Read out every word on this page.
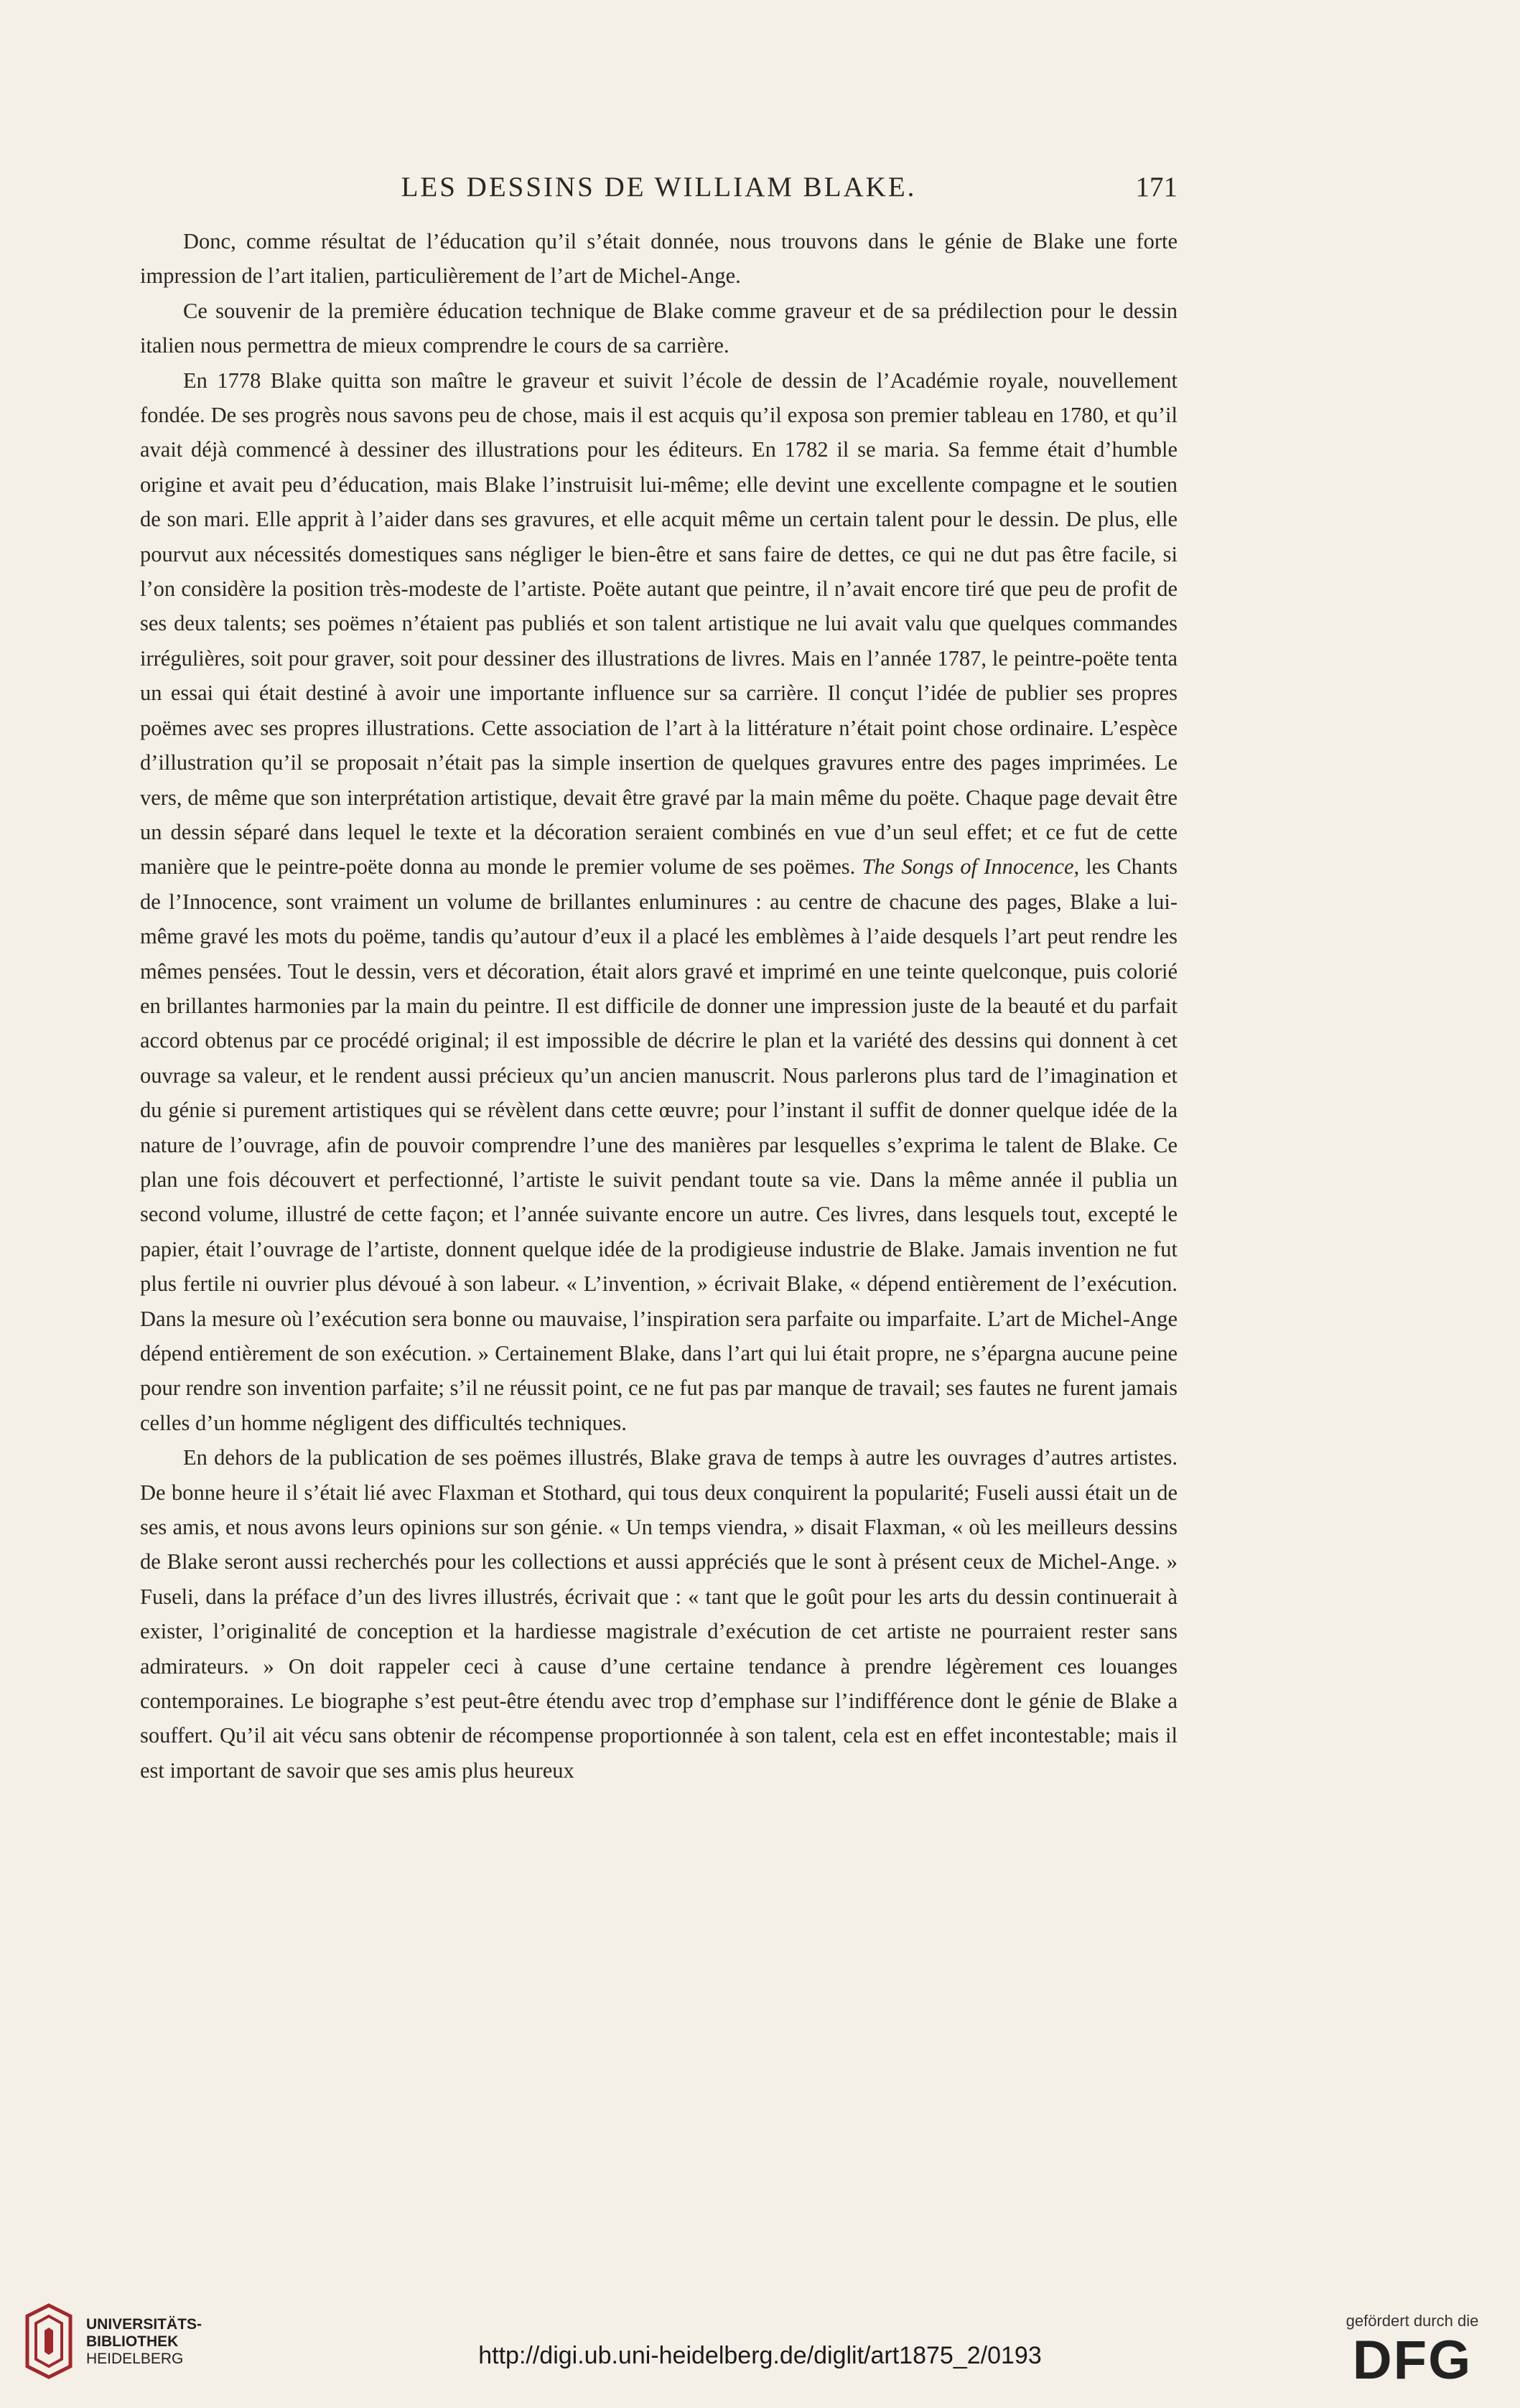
LES DESSINS DE WILLIAM BLAKE.	171

Donc, comme résultat de l’éducation qu’il s’était donnée, nous trouvons dans le génie de Blake une forte impression de l’art italien, particulièrement de l’art de Michel-Ange.

Ce souvenir de la première éducation technique de Blake comme graveur et de sa prédilection pour le dessin italien nous permettra de mieux comprendre le cours de sa carrière.

En 1778 Blake quitta son maître le graveur et suivit l’école de dessin de l’Académie royale, nouvellement fondée. De ses progrès nous savons peu de chose, mais il est acquis qu’il exposa son premier tableau en 1780, et qu’il avait déjà commencé à dessiner des illustrations pour les éditeurs. En 1782 il se maria. Sa femme était d’humble origine et avait peu d’éducation, mais Blake l’instruisit lui-même; elle devint une excellente compagne et le soutien de son mari. Elle apprit à l’aider dans ses gravures, et elle acquit même un certain talent pour le dessin. De plus, elle pourvut aux nécessités domestiques sans négliger le bien-être et sans faire de dettes, ce qui ne dut pas être facile, si l’on considère la position très-modeste de l’artiste. Poëte autant que peintre, il n’avait encore tiré que peu de profit de ses deux talents; ses poëmes n’étaient pas publiés et son talent artistique ne lui avait valu que quelques commandes irrégulières, soit pour graver, soit pour dessiner des illustrations de livres. Mais en l’année 1787, le peintre-poëte tenta un essai qui était destiné à avoir une importante influence sur sa carrière. Il conçut l’idée de publier ses propres poëmes avec ses propres illustrations. Cette association de l’art à la littérature n’était point chose ordinaire. L’espèce d’illustration qu’il se proposait n’était pas la simple insertion de quelques gravures entre des pages imprimées. Le vers, de même que son interprétation artistique, devait être gravé par la main même du poëte. Chaque page devait être un dessin séparé dans lequel le texte et la décoration seraient combinés en vue d’un seul effet; et ce fut de cette manière que le peintre-poëte donna au monde le premier volume de ses poëmes. The Songs of Innocence, les Chants de l’Innocence, sont vraiment un volume de brillantes enluminures : au centre de chacune des pages, Blake a lui-même gravé les mots du poëme, tandis qu’autour d’eux il a placé les emblèmes à l’aide desquels l’art peut rendre les mêmes pensées. Tout le dessin, vers et décoration, était alors gravé et imprimé en une teinte quelconque, puis colorié en brillantes harmonies par la main du peintre. Il est difficile de donner une impression juste de la beauté et du parfait accord obtenus par ce procédé original; il est impossible de décrire le plan et la variété des dessins qui donnent à cet ouvrage sa valeur, et le rendent aussi précieux qu’un ancien manuscrit. Nous parlerons plus tard de l’imagination et du génie si purement artistiques qui se révèlent dans cette œuvre; pour l’instant il suffit de donner quelque idée de la nature de l’ouvrage, afin de pouvoir comprendre l’une des manières par lesquelles s’exprima le talent de Blake. Ce plan une fois découvert et perfectionné, l’artiste le suivit pendant toute sa vie. Dans la même année il publia un second volume, illustré de cette façon; et l’année suivante encore un autre. Ces livres, dans lesquels tout, excepté le papier, était l’ouvrage de l’artiste, donnent quelque idée de la prodigieuse industrie de Blake. Jamais invention ne fut plus fertile ni ouvrier plus dévoué à son labeur. « L’invention, » écrivait Blake, « dépend entièrement de l’exécution. Dans la mesure où l’exécution sera bonne ou mauvaise, l’inspiration sera parfaite ou imparfaite. L’art de Michel-Ange dépend entièrement de son exécution. » Certainement Blake, dans l’art qui lui était propre, ne s’épargna aucune peine pour rendre son invention parfaite; s’il ne réussit point, ce ne fut pas par manque de travail; ses fautes ne furent jamais celles d’un homme négligent des difficultés techniques.

En dehors de la publication de ses poëmes illustrés, Blake grava de temps à autre les ouvrages d’autres artistes. De bonne heure il s’était lié avec Flaxman et Stothard, qui tous deux conquirent la popularité; Fuseli aussi était un de ses amis, et nous avons leurs opinions sur son génie. « Un temps viendra, » disait Flaxman, « où les meilleurs dessins de Blake seront aussi recherchés pour les collections et aussi appréciés que le sont à présent ceux de Michel-Ange. » Fuseli, dans la préface d’un des livres illustrés, écrivait que : « tant que le goût pour les arts du dessin continuerait à exister, l’originalité de conception et la hardiesse magistrale d’exécution de cet artiste ne pourraient rester sans admirateurs. » On doit rappeler ceci à cause d’une certaine tendance à prendre légèrement ces louanges contemporaines. Le biographe s’est peut-être étendu avec trop d’emphase sur l’indifférence dont le génie de Blake a souffert. Qu’il ait vécu sans obtenir de récompense proportionnée à son talent, cela est en effet incontestable; mais il est important de savoir que ses amis plus heureux

UNIVERSITÄTS-
BIBLIOTHEK
HEIDELBERG	http://digi.ub.uni-heidelberg.de/diglit/art1875_2/0193
gefördert durch die
DFG
